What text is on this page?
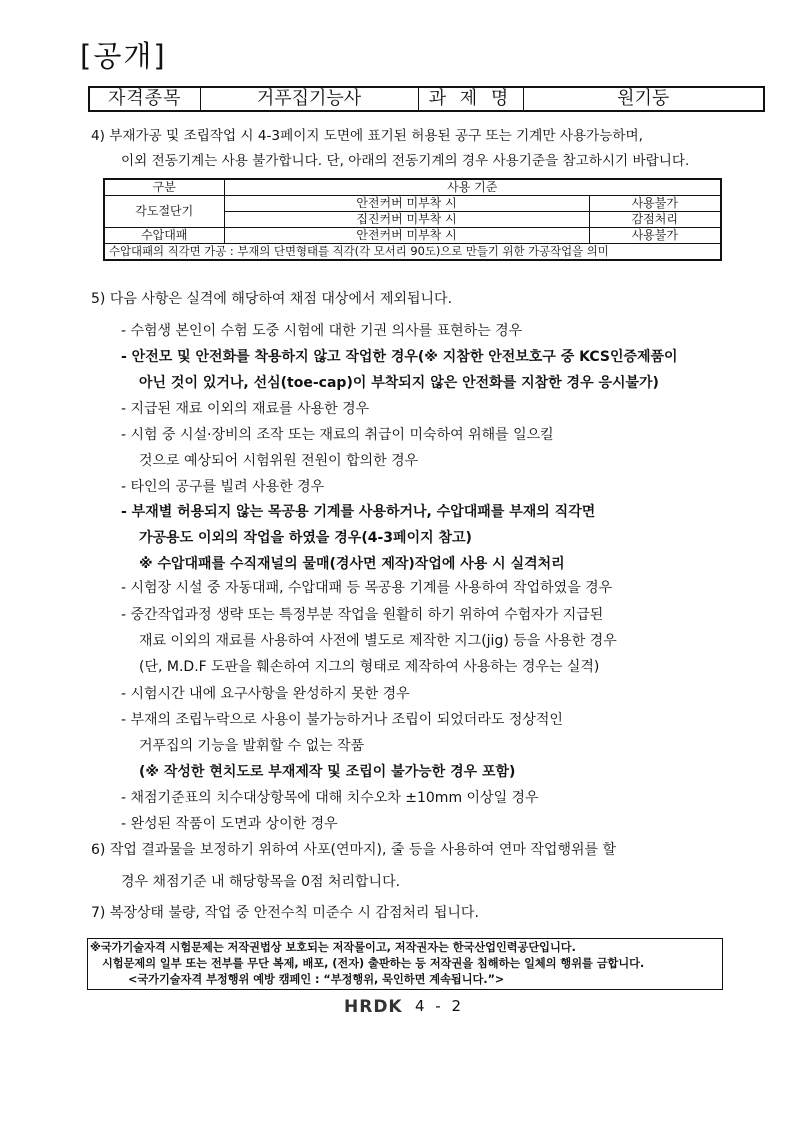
[공개]
자격종목	거푸집기능사	과 제 명	원기둥
4) 부재가공 및 조립작업 시 4-3페이지 도면에 표기된 허용된 공구 또는 기계만 사용가능하며,
이외 전동기계는 사용 불가합니다. 단, 아래의 전동기계의 경우 사용기준을 참고하시기 바랍니다.
구분	사용 기준	
각도절단기	안전커버 미부착 시	사용불가
	집진커버 미부착 시	감점처리
수압대패	안전커버 미부착 시	사용불가
수압대패의 직각면 가공 : 부재의 단면형태를 직각(각 모서리 90도)으로 만들기 위한 가공작업을 의미		
5) 다음 사항은 실격에 해당하여 채점 대상에서 제외됩니다.
- 수험생 본인이 수험 도중 시험에 대한 기권 의사를 표현하는 경우
- 안전모 및 안전화를 착용하지 않고 작업한 경우(※ 지참한 안전보호구 중 KCS인증제품이
아닌 것이 있거나, 선심(toe-cap)이 부착되지 않은 안전화를 지참한 경우 응시불가)
- 지급된 재료 이외의 재료를 사용한 경우
- 시험 중 시설·장비의 조작 또는 재료의 취급이 미숙하여 위해를 일으킬
것으로 예상되어 시험위원 전원이 합의한 경우
- 타인의 공구를 빌려 사용한 경우
- 부재별 허용되지 않는 목공용 기계를 사용하거나, 수압대패를 부재의 직각면
가공용도 이외의 작업을 하였을 경우(4-3페이지 참고)
※ 수압대패를 수직재널의 물매(경사면 제작)작업에 사용 시 실격처리
- 시험장 시설 중 자동대패, 수압대패 등 목공용 기계를 사용하여 작업하였을 경우
- 중간작업과정 생략 또는 특정부분 작업을 원활히 하기 위하여 수험자가 지급된
재료 이외의 재료를 사용하여 사전에 별도로 제작한 지그(jig) 등을 사용한 경우
(단, M.D.F 도판을 훼손하여 지그의 형태로 제작하여 사용하는 경우는 실격)
- 시험시간 내에 요구사항을 완성하지 못한 경우
- 부재의 조립누락으로 사용이 불가능하거나 조립이 되었더라도 정상적인
거푸집의 기능을 발휘할 수 없는 작품
(※ 작성한 현치도로 부재제작 및 조립이 불가능한 경우 포함)
- 채점기준표의 치수대상항목에 대해 치수오차 ±10mm 이상일 경우
- 완성된 작품이 도면과 상이한 경우
6) 작업 결과물을 보정하기 위하여 사포(연마지), 줄 등을 사용하여 연마 작업행위를 할
경우 채점기준 내 해당항목을 0점 처리합니다.
7) 복장상태 불량, 작업 중 안전수칙 미준수 시 감점처리 됩니다.
※국가기술자격 시험문제는 저작권법상 보호되는 저작물이고, 저작권자는 한국산업인력공단입니다.
시험문제의 일부 또는 전부를 무단 복제, 배포, (전자) 출판하는 등 저작권을 침해하는 일체의 행위를 금합니다.
<국가기술자격 부정행위 예방 캠페인 : “부정행위, 묵인하면 계속됩니다.”>
HRDK 4 - 2
